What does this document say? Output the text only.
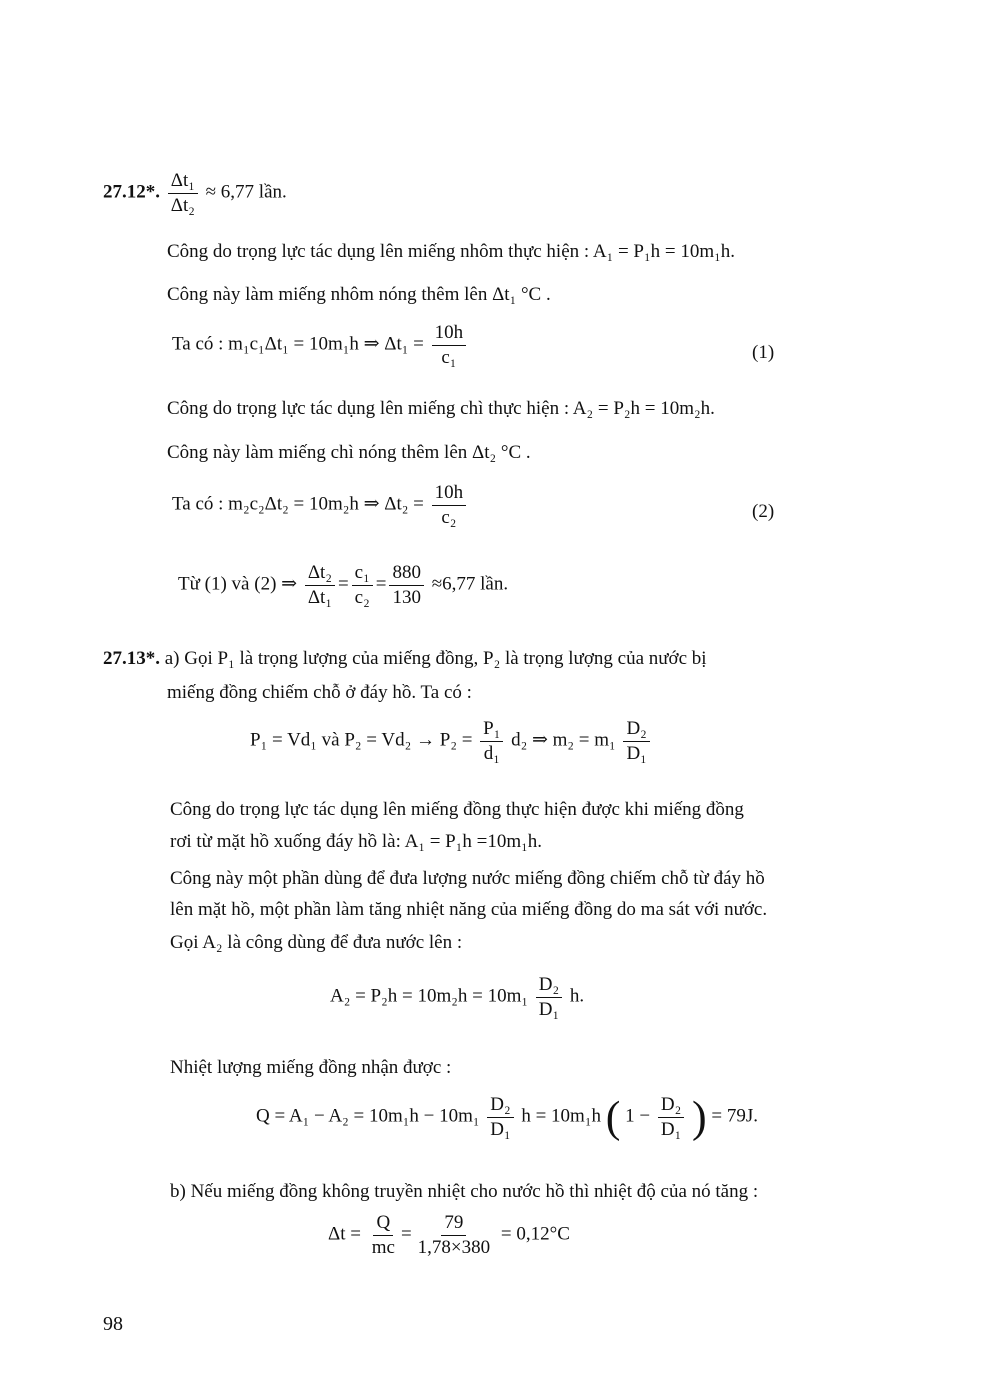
27.12*. $\frac{\text{Δt₁}}{\text{Δt₂}} \approx 6,77$ lần.
Công do trọng lực tác dụng lên miếng nhôm thực hiện : A₁ = P₁h = 10m₁h.
Công này làm miếng nhôm nóng thêm lên Δt₁ °C .
Ta có : m₁c₁Δt₁ = 10m₁h ⇒ $\Delta t_1 = \frac{10h}{\text{c₁}}$	(1)
Công do trọng lực tác dụng lên miếng chì thực hiện : A₂ = P₂h = 10m₂h.
Công này làm miếng chì nóng thêm lên Δt₂ °C .
Ta có : m₂c₂Δt₂ = 10m₂h ⇒ $\Delta t_2 = \frac{10h}{\text{c₂}}$	(2)
Từ (1) và (2) ⇒ $\frac{\text{Δt₂}}{\text{Δt₁}} = \frac{\text{c₁}}{\text{c₂}} = \frac{880}{130} \approx 6,77$ lần.
27.13*. a) Gọi P₁ là trọng lượng của miếng đồng, P₂ là trọng lượng của nước bị
miếng đồng chiếm chỗ ở đáy hồ. Ta có :
P₁ = Vd₁ và $P_2 = Vd_2 \to P_2 = \frac{\text{P₁}}{\text{d₁}} d_2$ ⇒ $m_2 = m_1 \frac{\text{D₂}}{\text{D₁}}$
Công do trọng lực tác dụng lên miếng đồng thực hiện được khi miếng đồng
rơi từ mặt hồ xuống đáy hồ là: A₁ = P₁h =10m₁h.
Công này một phần dùng để đưa lượng nước miếng đồng chiếm chỗ từ đáy hồ
lên mặt hồ, một phần làm tăng nhiệt năng của miếng đồng do ma sát với nước.
Gọi A₂ là công dùng để đưa nước lên :
$A_2 = P_2h = 10m_2h = 10m_1 \frac{\text{D₂}}{\text{D₁}} h$.
Nhiệt lượng miếng đồng nhận được :
$Q = A_1 - A_2 = 10m_1h - 10m_1 \frac{\text{D₂}}{\text{D₁}}$ h = 10m₁h ( $1 - \frac{\text{D₂}}{\text{D₁}}$ ) = 79J.
b) Nếu miếng đồng không truyền nhiệt cho nước hồ thì nhiệt độ của nó tăng :
$\Delta t = \frac{Q}{mc} = \frac{79}{1,78\times 380} = 0,12^\circ C$
98
